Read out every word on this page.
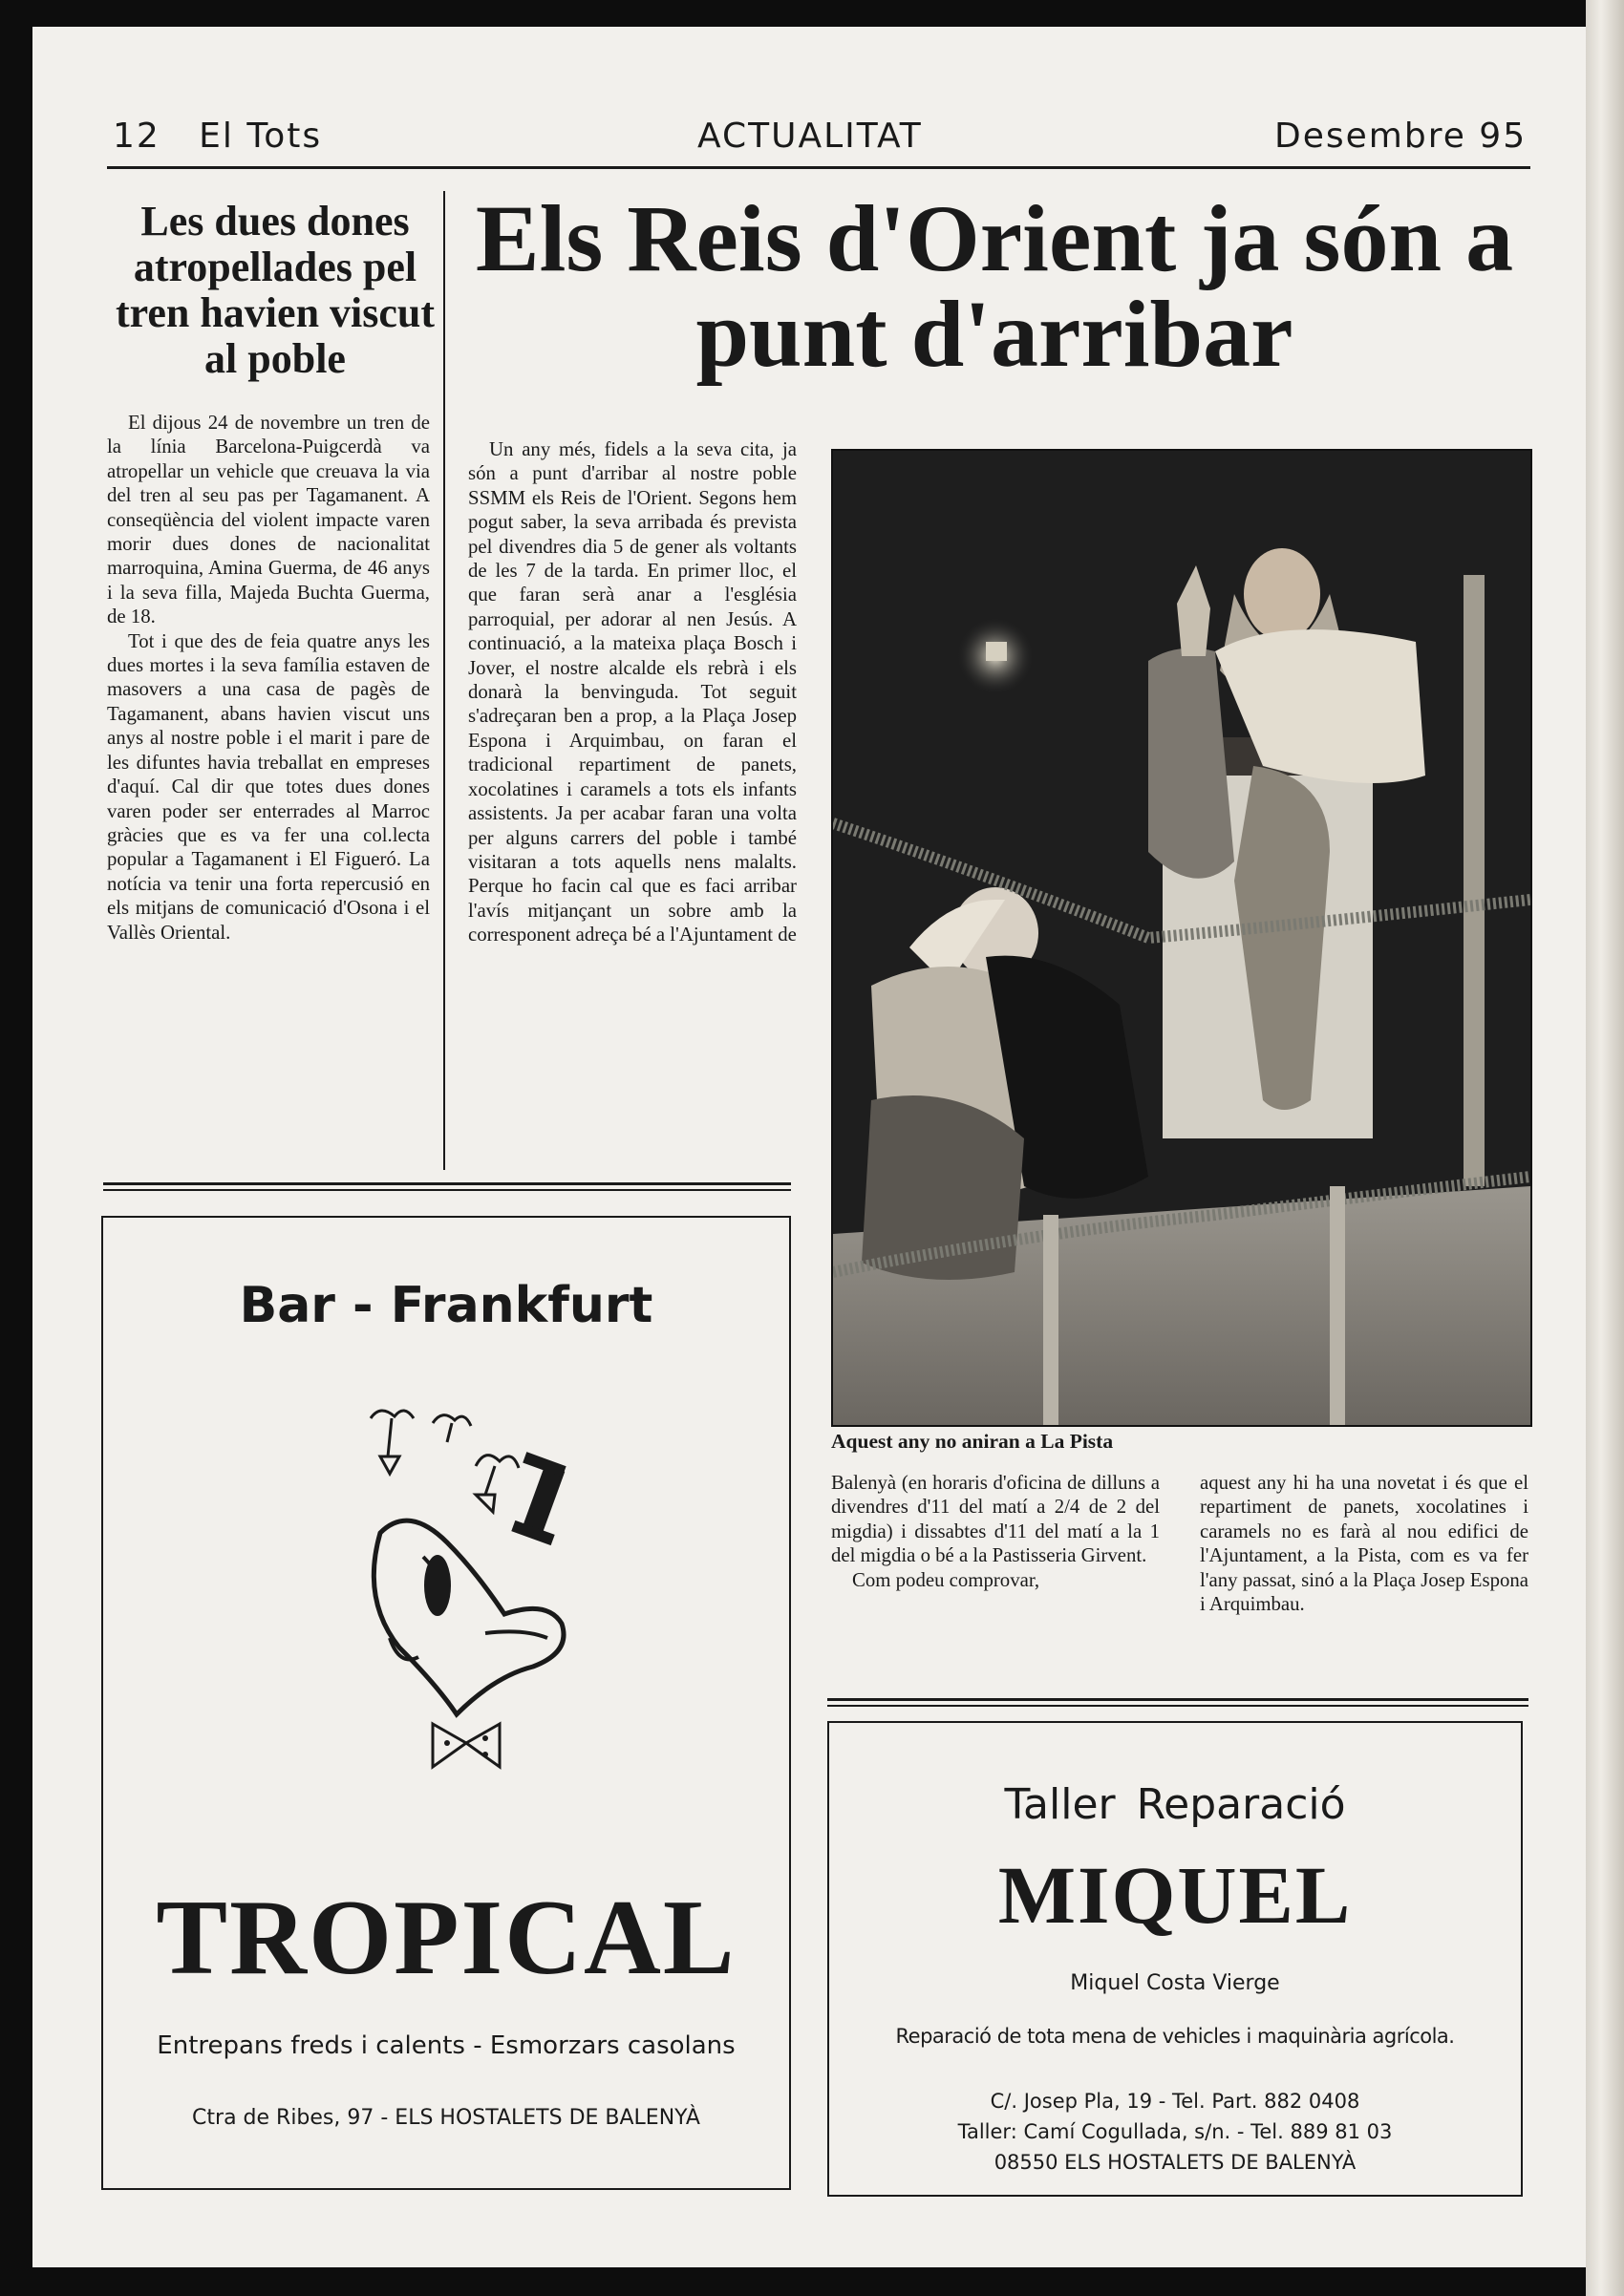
12 El Tots	ACTUALITAT	Desembre 95
Les dues dones atropellades pel tren havien viscut al poble

El dijous 24 de novembre un tren de la línia Barcelona-Puigcerdà va atropellar un vehicle que creuava la via del tren al seu pas per Tagamanent. A conseqüència del violent impacte varen morir dues dones de nacionalitat marroquina, Amina Guerma, de 46 anys i la seva filla, Majeda Buchta Guerma, de 18.

Tot i que des de feia quatre anys les dues mortes i la seva família estaven de masovers a una casa de pagès de Tagamanent, abans havien viscut uns anys al nostre poble i el marit i pare de les difuntes havia treballat en empreses d'aquí. Cal dir que totes dues dones varen poder ser enterrades al Marroc gràcies que es va fer una col.lecta popular a Tagamanent i El Figueró. La notícia va tenir una forta repercusió en els mitjans de comunicació d'Osona i el Vallès Oriental.

Els Reis d'Orient ja són a punt d'arribar

Un any més, fidels a la seva cita, ja són a punt d'arribar al nostre poble SSMM els Reis de l'Orient. Segons hem pogut saber, la seva arribada és prevista pel divendres dia 5 de gener als voltants de les 7 de la tarda. En primer lloc, el que faran serà anar a l'església parroquial, per adorar al nen Jesús. A continuació, a la mateixa plaça Bosch i Jover, el nostre alcalde els rebrà i els donarà la benvinguda. Tot seguit s'adreçaran ben a prop, a la Plaça Josep Espona i Arquimbau, on faran el tradicional repartiment de panets, xocolatines i caramels a tots els infants assistents. Ja per acabar faran una volta per alguns carrers del poble i també visitaran a tots aquells nens malalts. Perque ho facin cal que es faci arribar l'avís mitjançant un sobre amb la corresponent adreça bé a l'Ajuntament de

Aquest any no aniran a La Pista

Balenyà (en horaris d'oficina de dilluns a divendres d'11 del matí a 2/4 de 2 del migdia) i dissabtes d'11 del matí a la 1 del migdia o bé a la Pastisseria Girvent.

Com podeu comprovar,

aquest any hi ha una novetat i és que el repartiment de panets, xocolatines i caramels no es farà al nou edifici de l'Ajuntament, a la Pista, com es va fer l'any passat, sinó a la Plaça Josep Espona i Arquimbau.

Bar - Frankfurt
TROPICAL
Entrepans freds i calents - Esmorzars casolans
Ctra de Ribes, 97 - ELS HOSTALETS DE BALENYÀ
Taller Reparació
MIQUEL
Miquel Costa Vierge
Reparació de tota mena de vehicles i maquinària agrícola.
C/. Josep Pla, 19 - Tel. Part. 882 0408
Taller: Camí Cogullada, s/n. - Tel. 889 81 03
08550 ELS HOSTALETS DE BALENYÀ
